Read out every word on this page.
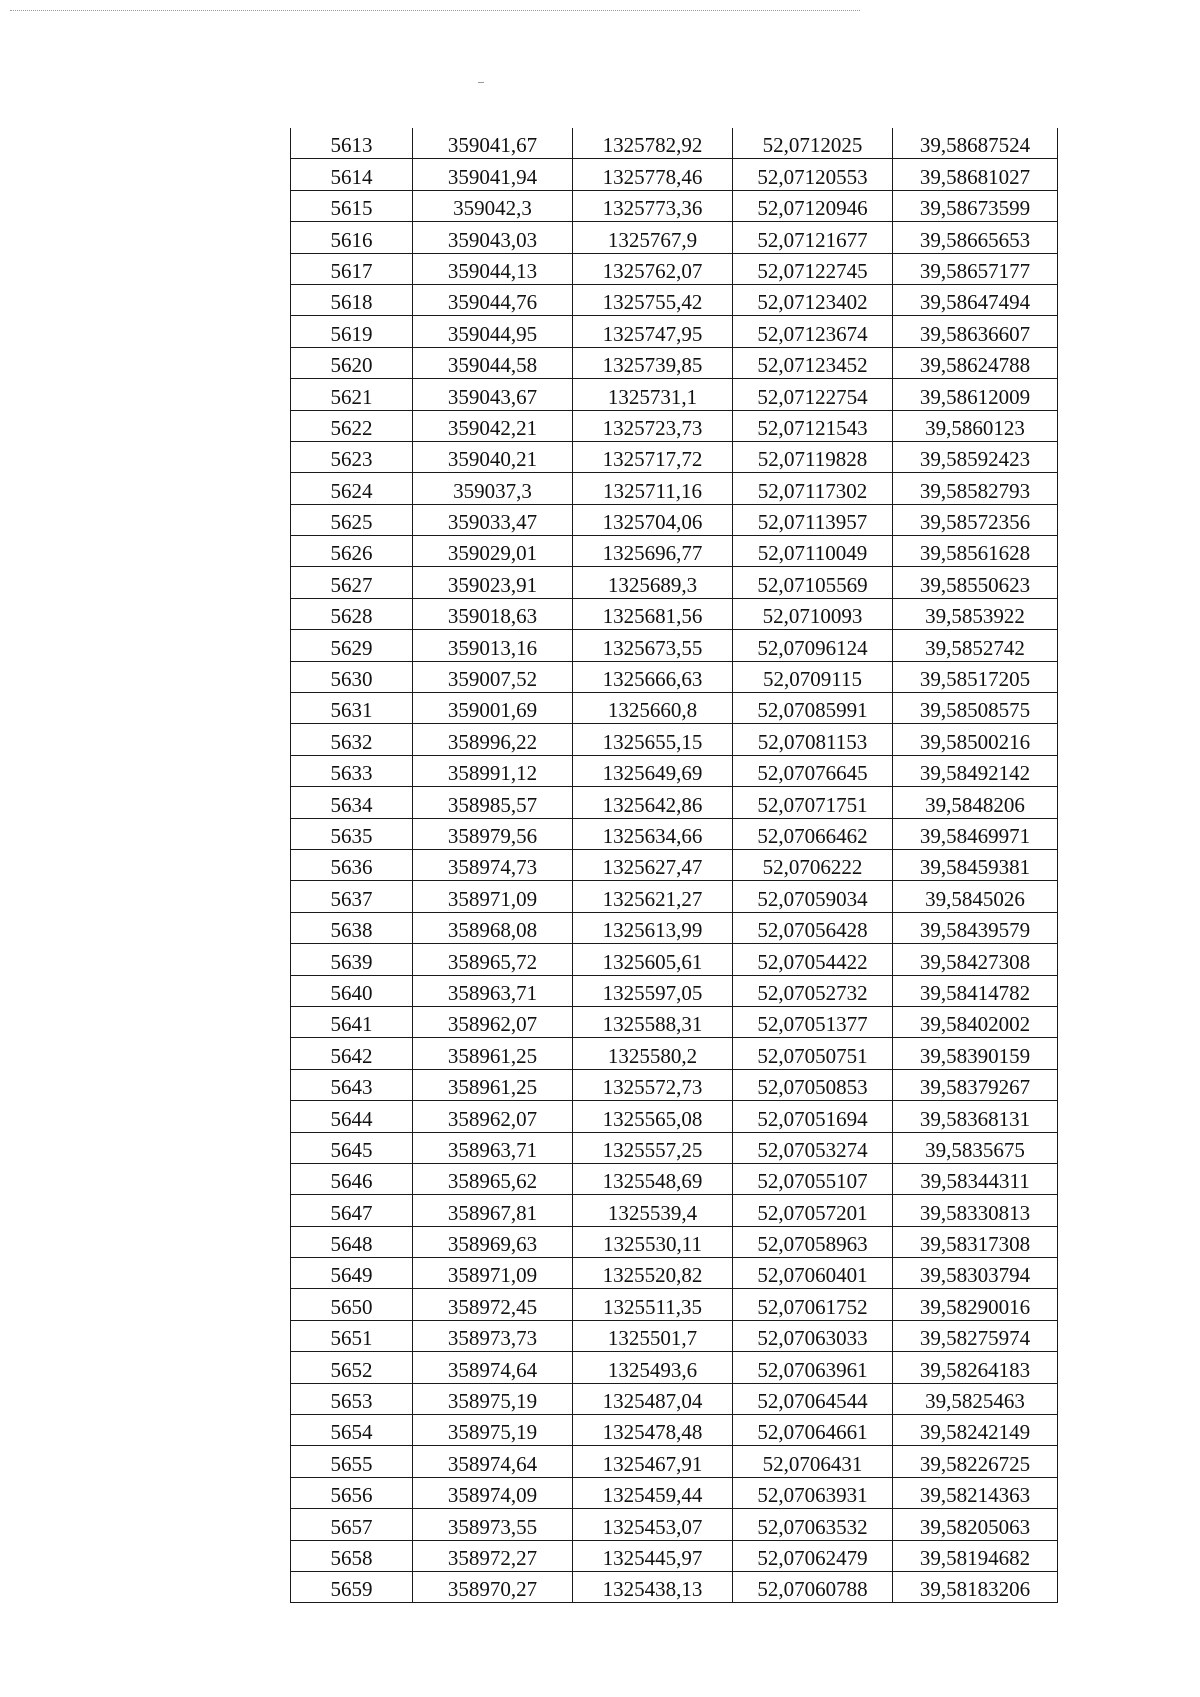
5613	359041,67	1325782,92	52,0712025	39,58687524
5614	359041,94	1325778,46	52,07120553	39,58681027
5615	359042,3	1325773,36	52,07120946	39,58673599
5616	359043,03	1325767,9	52,07121677	39,58665653
5617	359044,13	1325762,07	52,07122745	39,58657177
5618	359044,76	1325755,42	52,07123402	39,58647494
5619	359044,95	1325747,95	52,07123674	39,58636607
5620	359044,58	1325739,85	52,07123452	39,58624788
5621	359043,67	1325731,1	52,07122754	39,58612009
5622	359042,21	1325723,73	52,07121543	39,5860123
5623	359040,21	1325717,72	52,07119828	39,58592423
5624	359037,3	1325711,16	52,07117302	39,58582793
5625	359033,47	1325704,06	52,07113957	39,58572356
5626	359029,01	1325696,77	52,07110049	39,58561628
5627	359023,91	1325689,3	52,07105569	39,58550623
5628	359018,63	1325681,56	52,0710093	39,5853922
5629	359013,16	1325673,55	52,07096124	39,5852742
5630	359007,52	1325666,63	52,0709115	39,58517205
5631	359001,69	1325660,8	52,07085991	39,58508575
5632	358996,22	1325655,15	52,07081153	39,58500216
5633	358991,12	1325649,69	52,07076645	39,58492142
5634	358985,57	1325642,86	52,07071751	39,5848206
5635	358979,56	1325634,66	52,07066462	39,58469971
5636	358974,73	1325627,47	52,0706222	39,58459381
5637	358971,09	1325621,27	52,07059034	39,5845026
5638	358968,08	1325613,99	52,07056428	39,58439579
5639	358965,72	1325605,61	52,07054422	39,58427308
5640	358963,71	1325597,05	52,07052732	39,58414782
5641	358962,07	1325588,31	52,07051377	39,58402002
5642	358961,25	1325580,2	52,07050751	39,58390159
5643	358961,25	1325572,73	52,07050853	39,58379267
5644	358962,07	1325565,08	52,07051694	39,58368131
5645	358963,71	1325557,25	52,07053274	39,5835675
5646	358965,62	1325548,69	52,07055107	39,58344311
5647	358967,81	1325539,4	52,07057201	39,58330813
5648	358969,63	1325530,11	52,07058963	39,58317308
5649	358971,09	1325520,82	52,07060401	39,58303794
5650	358972,45	1325511,35	52,07061752	39,58290016
5651	358973,73	1325501,7	52,07063033	39,58275974
5652	358974,64	1325493,6	52,07063961	39,58264183
5653	358975,19	1325487,04	52,07064544	39,5825463
5654	358975,19	1325478,48	52,07064661	39,58242149
5655	358974,64	1325467,91	52,0706431	39,58226725
5656	358974,09	1325459,44	52,07063931	39,58214363
5657	358973,55	1325453,07	52,07063532	39,58205063
5658	358972,27	1325445,97	52,07062479	39,58194682
5659	358970,27	1325438,13	52,07060788	39,58183206
